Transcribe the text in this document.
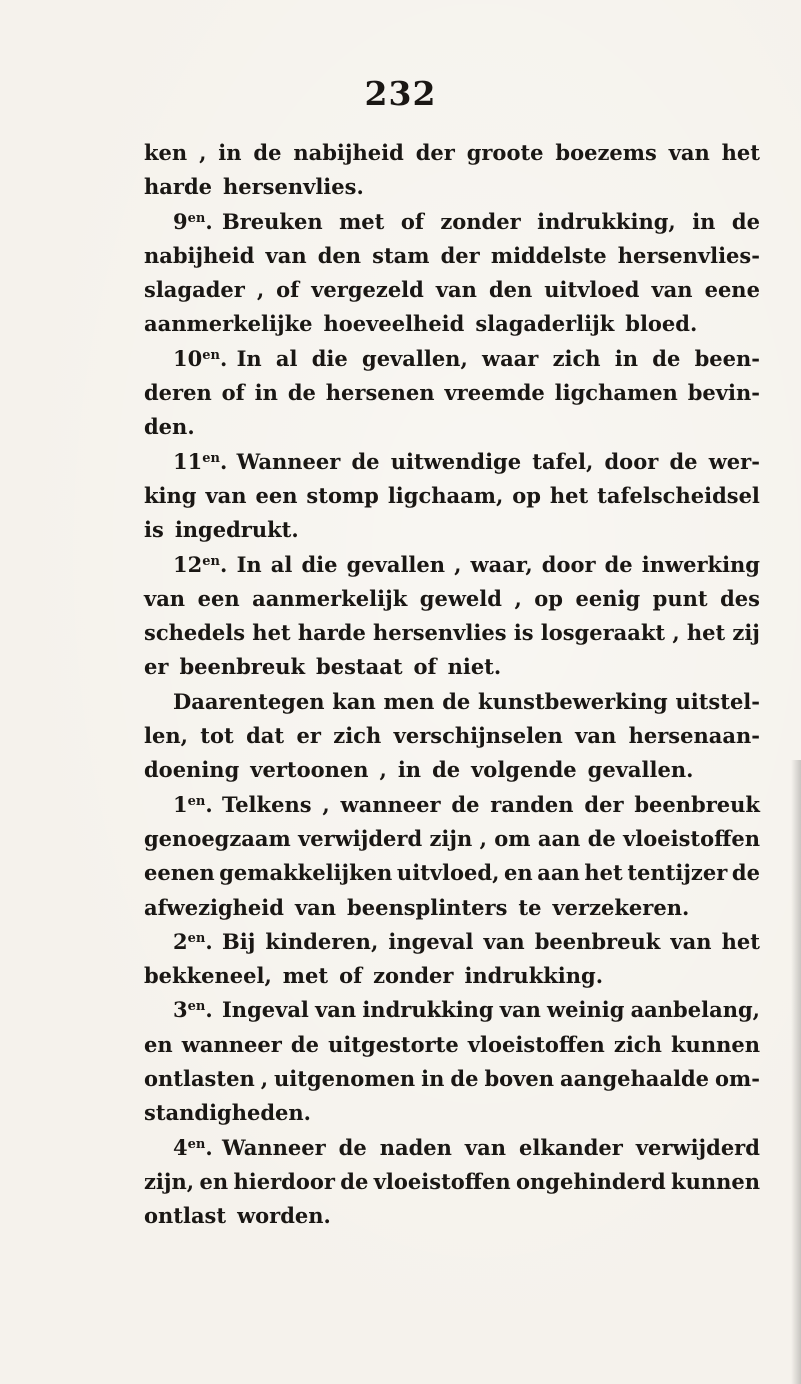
232
ken , in de nabijheid der groote boezems van het
harde hersenvlies.
$9^{en}$. Breuken met of zonder indrukking, in de
nabijheid van den stam der middelste hersenvlies-
slagader , of vergezeld van den uitvloed van eene
aanmerkelijke hoeveelheid slagaderlijk bloed.
$10^{en}$. In al die gevallen, waar zich in de been-
deren of in de hersenen vreemde ligchamen bevin-
den.
$11^{en}$. Wanneer de uitwendige tafel, door de wer-
king van een stomp ligchaam, op het tafelscheidsel
is ingedrukt.
$12^{en}$. In al die gevallen , waar, door de inwerking
van een aanmerkelijk geweld , op eenig punt des
schedels het harde hersenvlies is losgeraakt , het zij
er beenbreuk bestaat of niet.
Daarentegen kan men de kunstbewerking uitstel-
len, tot dat er zich verschijnselen van hersenaan-
doening vertoonen , in de volgende gevallen.
$1^{en}$. Telkens , wanneer de randen der beenbreuk
genoegzaam verwijderd zijn , om aan de vloeistoffen
eenen gemakkelijken uitvloed, en aan het tentijzer de
afwezigheid van beensplinters te verzekeren.
$2^{en}$. Bij kinderen, ingeval van beenbreuk van het
bekkeneel, met of zonder indrukking.
$3^{en}$. Ingeval van indrukking van weinig aanbelang,
en wanneer de uitgestorte vloeistoffen zich kunnen
ontlasten , uitgenomen in de boven aangehaalde om-
standigheden.
$4^{en}$. Wanneer de naden van elkander verwijderd
zijn, en hierdoor de vloeistoffen ongehinderd kunnen
ontlast worden.
